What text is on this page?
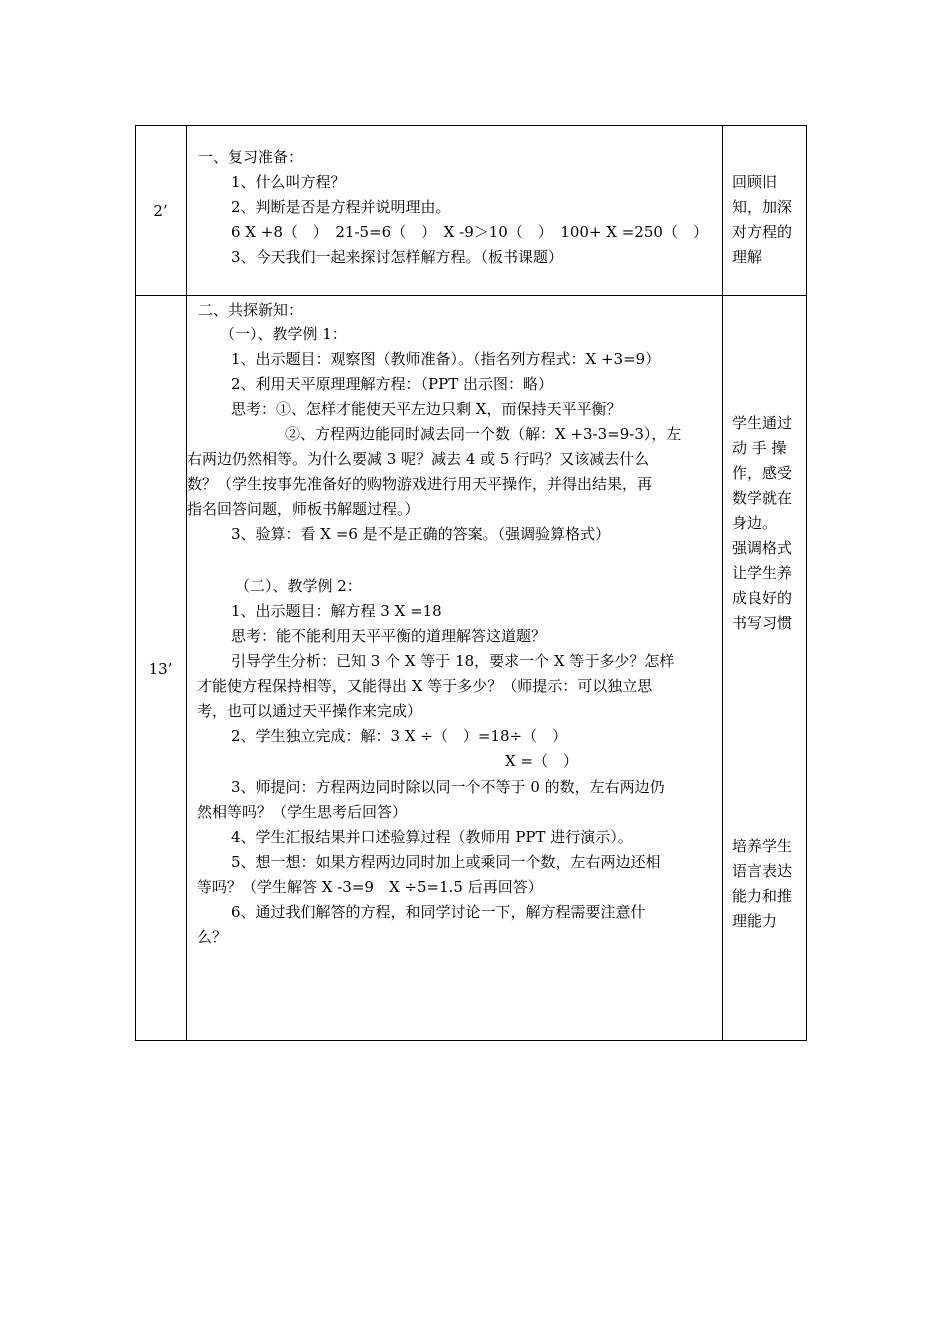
2’
一、复习准备：
1、什么叫方程？
2、判断是否是方程并说明理由。
6 X +8（　）　21-5=6（　）　X -9＞10（　）　100+ X =250（　）
3、今天我们一起来探讨怎样解方程。（板书课题）
回顾旧
知，加深
对方程的
理解
13’
二、共探新知：
（一）、教学例 1：
1、出示题目：观察图（教师准备）。（指名列方程式：X +3=9）
2、利用天平原理理解方程：（PPT 出示图：略）
思考：①、怎样才能使天平左边只剩 X，而保持天平平衡？
②、方程两边能同时减去同一个数（解：X +3-3=9-3），左
右两边仍然相等。为什么要减 3 呢？减去 4 或 5 行吗？又该减去什么
数？（学生按事先准备好的购物游戏进行用天平操作，并得出结果，再
指名回答问题，师板书解题过程。）
3、验算：看 X =6 是不是正确的答案。（强调验算格式）
（二）、教学例 2：
1、出示题目：解方程 3 X =18
思考：能不能利用天平平衡的道理解答这道题？
引导学生分析：已知 3 个 X 等于 18，要求一个 X 等于多少？怎样
才能使方程保持相等，又能得出 X 等于多少？（师提示：可以独立思
考，也可以通过天平操作来完成）
2、学生独立完成：解：3 X ÷（　）=18÷（　）
X =（　）
3、师提问：方程两边同时除以同一个不等于 0 的数，左右两边仍
然相等吗？（学生思考后回答）
4、学生汇报结果并口述验算过程（教师用 PPT 进行演示）。
5、想一想：如果方程两边同时加上或乘同一个数，左右两边还相
等吗？（学生解答 X -3=9　X ÷5=1.5 后再回答）
6、通过我们解答的方程，和同学讨论一下，解方程需要注意什
么？
学生通过
动 手 操
作，感受
数学就在
身边。
强调格式
让学生养
成良好的
书写习惯
培养学生
语言表达
能力和推
理能力
